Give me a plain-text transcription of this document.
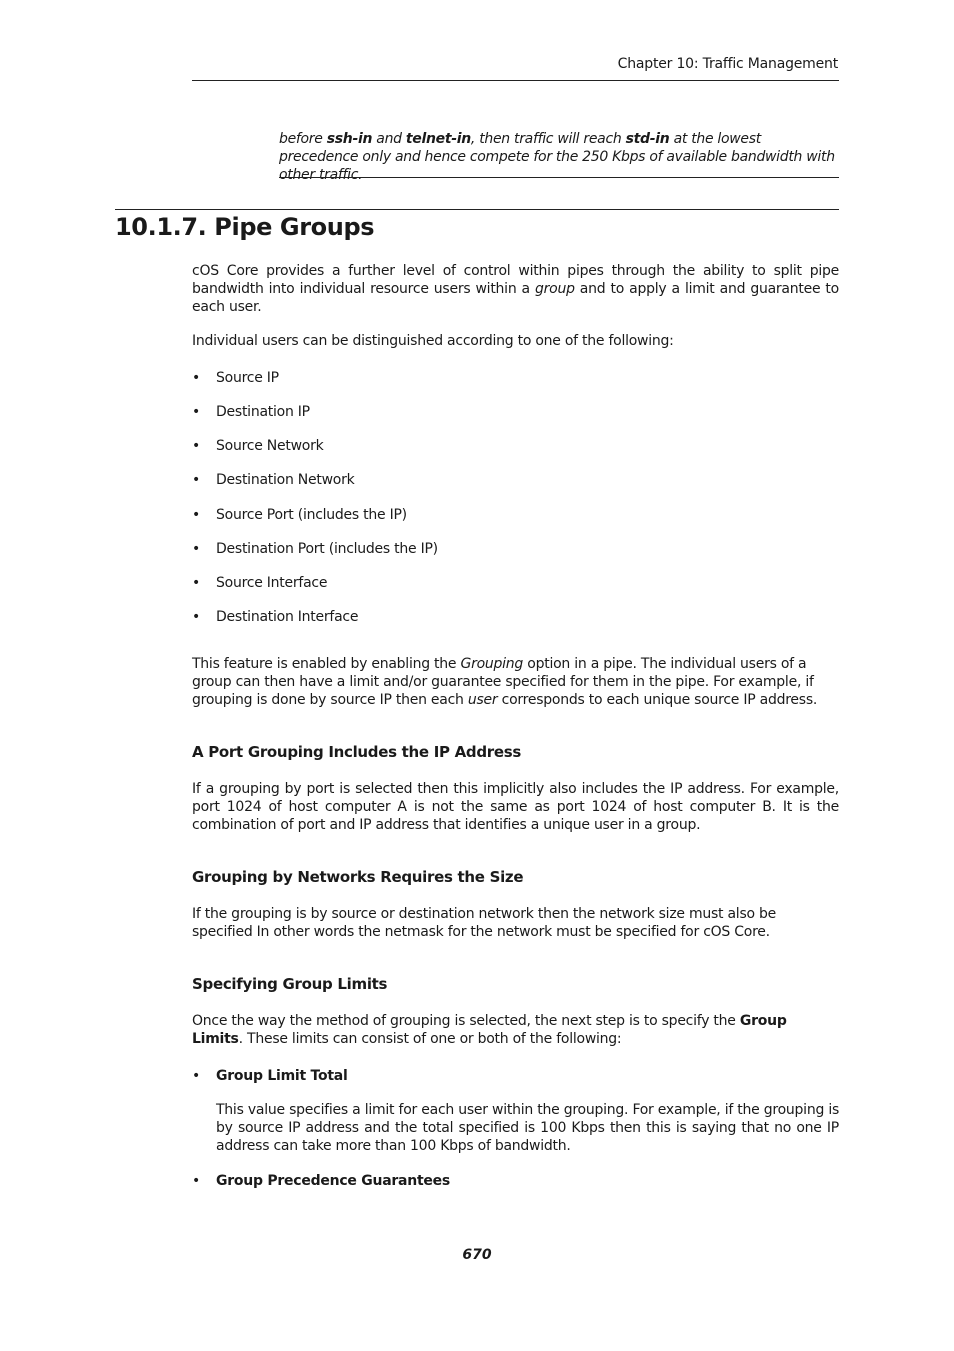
Chapter 10: Traffic Management

before ssh-in and telnet-in, then traffic will reach std-in at the lowest precedence only and hence compete for the 250 Kbps of available bandwidth with other traffic.

10.1.7. Pipe Groups

cOS Core provides a further level of control within pipes through the ability to split pipe bandwidth into individual resource users within a group and to apply a limit and guarantee to each user.

Individual users can be distinguished according to one of the following:

• Source IP
• Destination IP
• Source Network
• Destination Network
• Source Port (includes the IP)
• Destination Port (includes the IP)
• Source Interface
• Destination Interface

This feature is enabled by enabling the Grouping option in a pipe. The individual users of a group can then have a limit and/or guarantee specified for them in the pipe. For example, if grouping is done by source IP then each user corresponds to each unique source IP address.

A Port Grouping Includes the IP Address

If a grouping by port is selected then this implicitly also includes the IP address. For example, port 1024 of host computer A is not the same as port 1024 of host computer B. It is the combination of port and IP address that identifies a unique user in a group.

Grouping by Networks Requires the Size

If the grouping is by source or destination network then the network size must also be specified In other words the netmask for the network must be specified for cOS Core.

Specifying Group Limits

Once the way the method of grouping is selected, the next step is to specify the Group Limits. These limits can consist of one or both of the following:

• Group Limit Total

This value specifies a limit for each user within the grouping. For example, if the grouping is by source IP address and the total specified is 100 Kbps then this is saying that no one IP address can take more than 100 Kbps of bandwidth.

• Group Precedence Guarantees
670
